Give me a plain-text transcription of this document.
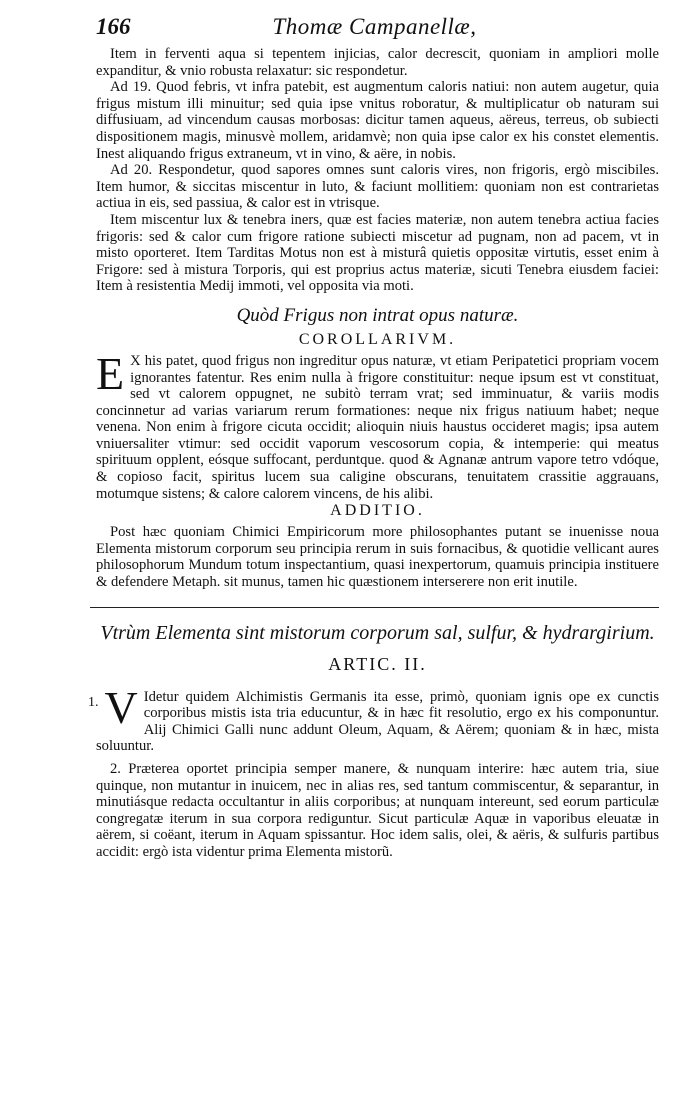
166	Thomæ Campanellæ,

Item in ferventi aqua si tepentem injicias, calor decrescit, quoniam in ampliori molle expanditur, & vnio robusta relaxatur: sic respondetur.

Ad 19. Quod febris, vt infra patebit, est augmentum caloris natiui: non autem augetur, quia frigus mistum illi minuitur; sed quia ipse vnitus roboratur, & multiplicatur ob naturam sui diffusiuam, ad vincendum causas morbosas: dicitur tamen aqueus, aëreus, terreus, ob subiecti dispositionem magis, minusvè mollem, aridamvè; non quia ipse calor ex his constet elementis. Inest aliquando frigus extraneum, vt in vino, & aëre, in nobis.

Ad 20. Respondetur, quod sapores omnes sunt caloris vires, non frigoris, ergò miscibiles. Item humor, & siccitas miscentur in luto, & faciunt mollitiem: quoniam non est contrarietas actiua in eis, sed passiua, & calor est in vtrisque.

Item miscentur lux & tenebra iners, quæ est facies materiæ, non autem tenebra actiua facies frigoris: sed & calor cum frigore ratione subiecti miscetur ad pugnam, non ad pacem, vt in misto oporteret. Item Tarditas Motus non est à misturâ quietis oppositæ virtutis, esset enim à Frigore: sed à mistura Torporis, qui est proprius actus materiæ, sicuti Tenebra eiusdem faciei: Item à resistentia Medij immoti, vel opposita via moti.

Quòd Frigus non intrat opus naturæ.
COROLLARIVM.

E X his patet, quod frigus non ingreditur opus naturæ, vt etiam Peripatetici propriam vocem ignorantes fatentur. Res enim nulla à frigore constituitur: neque ipsum est vt constituat, sed vt calorem oppugnet, ne subitò terram vrat; sed imminuatur, & variis modis concinnetur ad varias variarum rerum formationes: neque nix frigus natiuum habet; neque venena. Non enim à frigore cicuta occidit; alioquin niuis haustus occideret magis; ipsa autem vniuersaliter vtimur: sed occidit vaporum vescosorum copia, & intemperie: qui meatus spirituum opplent, eósque suffocant, perduntque. quod & Agnanæ antrum vapore tetro vdóque, & copioso facit, spiritus lucem sua caligine obscurans, tenuitatem crassitie aggrauans, motumque sistens; & calore calorem vincens, de his alibi.

ADDITIO.

Post hæc quoniam Chimici Empiricorum more philosophantes putant se inuenisse noua Elementa mistorum corporum seu principia rerum in suis fornacibus, & quotidie vellicant aures philosophorum Mundum totum inspectantium, quasi inexpertorum, quamuis principia instituere & defendere Metaph. sit munus, tamen hic quæstionem interserere non erit inutile.

Vtrùm Elementa sint mistorum corporum sal, sulfur, & hydrargirium.
ARTIC. II.

1. V Idetur quidem Alchimistis Germanis ita esse, primò, quoniam ignis ope ex cunctis corporibus mistis ista tria educuntur, & in hæc fit resolutio, ergo ex his componuntur. Alij Chimici Galli nunc addunt Oleum, Aquam, & Aërem; quoniam & in hæc, mista soluuntur.

2. Præterea oportet principia semper manere, & nunquam interire: hæc autem tria, siue quinque, non mutantur in inuicem, nec in alias res, sed tantum commiscentur, & separantur, in minutiásque redacta occultantur in aliis corporibus; at nunquam intereunt, sed eorum particulæ congregatæ iterum in sua corpora rediguntur. Sicut particulæ Aquæ in vaporibus eleuatæ in aërem, si coëant, iterum in Aquam spissantur. Hoc idem salis, olei, & aëris, & sulfuris partibus accidit: ergò ista videntur prima Elementa mistorũ.
